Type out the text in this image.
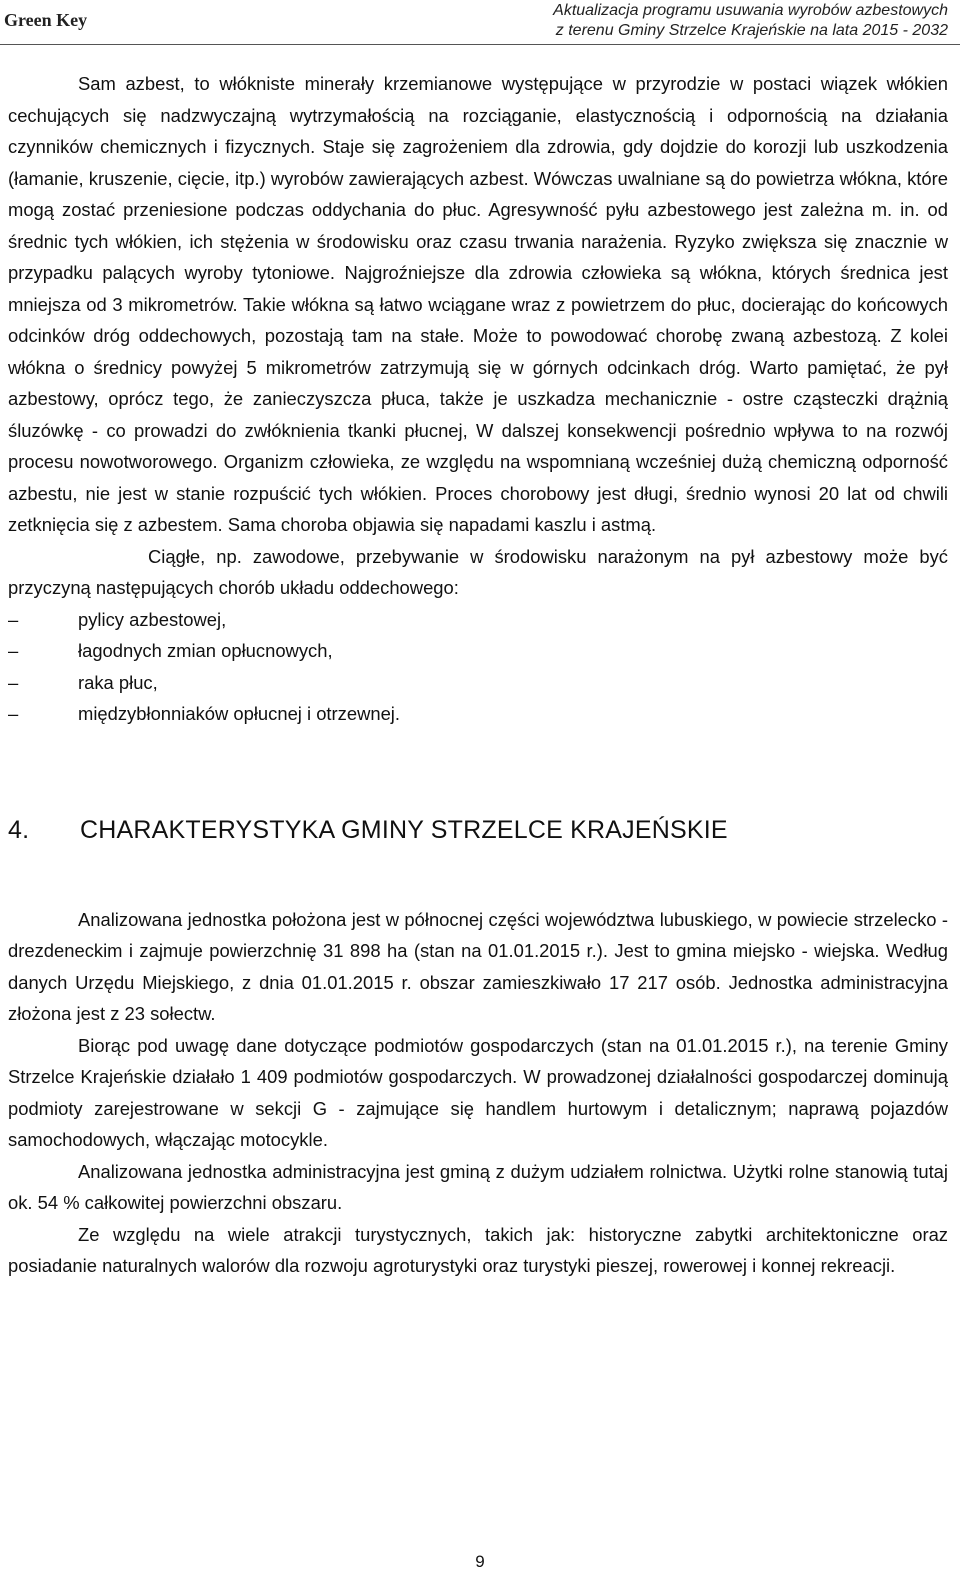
Green Key	Aktualizacja programu usuwania wyrobów azbestowych
z terenu Gminy Strzelce Krajeńskie na lata 2015 - 2032

Sam azbest, to włókniste minerały krzemianowe występujące w przyrodzie w postaci wiązek włókien cechujących się nadzwyczajną wytrzymałością na rozciąganie, elastycznością i odpornością na działania czynników chemicznych i fizycznych. Staje się zagrożeniem dla zdrowia, gdy dojdzie do korozji lub uszkodzenia (łamanie, kruszenie, cięcie, itp.) wyrobów zawierających azbest. Wówczas uwalniane są do powietrza włókna, które mogą zostać przeniesione podczas oddychania do płuc. Agresywność pyłu azbestowego jest zależna m. in. od średnic tych włókien, ich stężenia w środowisku oraz czasu trwania narażenia. Ryzyko zwiększa się znacznie w przypadku palących wyroby tytoniowe. Najgroźniejsze dla zdrowia człowieka są włókna, których średnica jest mniejsza od 3 mikrometrów. Takie włókna są łatwo wciągane wraz z powietrzem do płuc, docierając do końcowych odcinków dróg oddechowych, pozostają tam na stałe. Może to powodować chorobę zwaną azbestozą. Z kolei włókna o średnicy powyżej 5 mikrometrów zatrzymują się w górnych odcinkach dróg. Warto pamiętać, że pył azbestowy, oprócz tego, że zanieczyszcza płuca, także je uszkadza mechanicznie - ostre cząsteczki drążnią śluzówkę - co prowadzi do zwłóknienia tkanki płucnej, W dalszej konsekwencji pośrednio wpływa to na rozwój procesu nowotworowego. Organizm człowieka, ze względu na wspomnianą wcześniej dużą chemiczną odporność azbestu, nie jest w stanie rozpuścić tych włókien. Proces chorobowy jest długi, średnio wynosi 20 lat od chwili zetknięcia się z azbestem. Sama choroba objawia się napadami kaszlu i astmą.

Ciągłe, np. zawodowe, przebywanie w środowisku narażonym na pył azbestowy może być przyczyną następujących chorób układu oddechowego:

–	pylicy azbestowej,
–	łagodnych zmian opłucnowych,
–	raka płuc,
–	międzybłonniaków opłucnej i otrzewnej.
4. CHARAKTERYSTYKA GMINY STRZELCE KRAJEŃSKIE

Analizowana jednostka położona jest w północnej części województwa lubuskiego, w powiecie strzelecko - drezdeneckim i zajmuje powierzchnię 31 898 ha (stan na 01.01.2015 r.). Jest to gmina miejsko - wiejska. Według danych Urzędu Miejskiego, z dnia 01.01.2015 r. obszar zamieszkiwało 17 217 osób. Jednostka administracyjna złożona jest z 23 sołectw.

Biorąc pod uwagę dane dotyczące podmiotów gospodarczych (stan na 01.01.2015 r.), na terenie Gminy Strzelce Krajeńskie działało 1 409 podmiotów gospodarczych. W prowadzonej działalności gospodarczej dominują podmioty zarejestrowane w sekcji G - zajmujące się handlem hurtowym i detalicznym; naprawą pojazdów samochodowych, włączając motocykle.

Analizowana jednostka administracyjna jest gminą z dużym udziałem rolnictwa. Użytki rolne stanowią tutaj ok. 54 % całkowitej powierzchni obszaru.

Ze względu na wiele atrakcji turystycznych, takich jak: historyczne zabytki architektoniczne oraz posiadanie naturalnych walorów dla rozwoju agroturystyki oraz turystyki pieszej, rowerowej i konnej rekreacji.

9
